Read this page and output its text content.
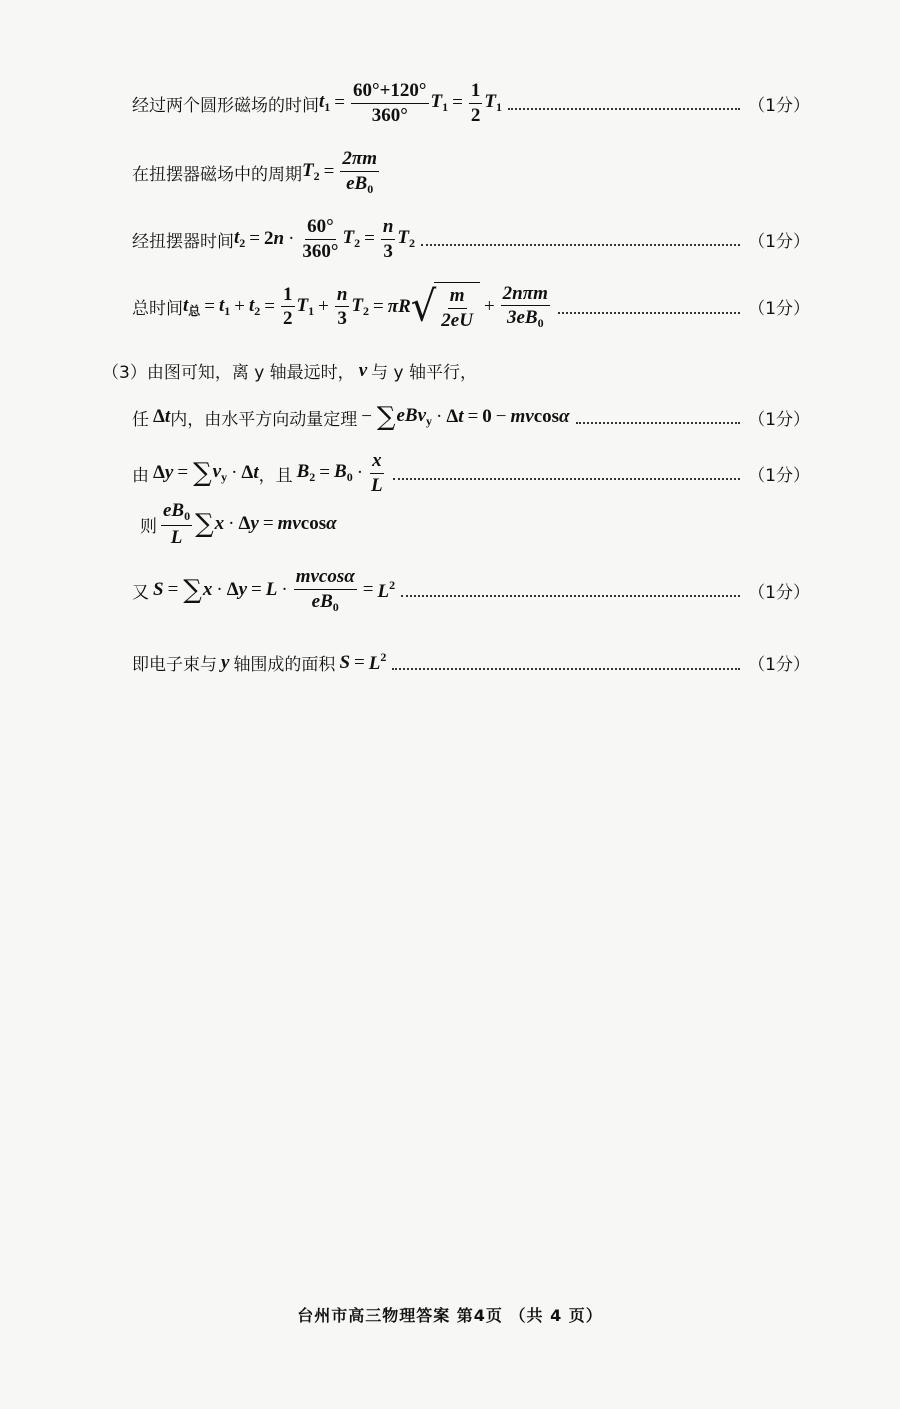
经过两个圆形磁场的时间 $t_1 = \frac{60^\circ+120^\circ}{360^\circ} T_1 = \frac{1}{2} T_1$	（1分）
在扭摆器磁场中的周期 $T_2 = \frac{2\pi m}{eB_0}$
经扭摆器时间 $t_2 = 2$ $n \cdot \frac{60^\circ}{360^\circ} T_2 = \frac{n}{3} T_2$	（1分）
总时间 $t_总 = t_1 + t_2 = \frac{1}{2} T_1 + \frac{n}{3} T_2 = \pi R$ √ $\frac{m}{2eU} + \frac{\text{2nπm}}{3eB_0}$	（1分）
（3）由图可知，离 y 轴最远时， v 与 y 轴平行，
任 Δ t 内，由水平方向动量定理 − ∑ eBv$_y$ · Δ t = 0 − mv cos α	（1分）
由 Δ y = ∑ $v_y \cdot \Delta$ t ，且 $B_2 = B_0 \cdot \frac{x}{L}$	（1分）
则 $\frac{eB_0}{L}$ ∑ x · Δ y = mv cos α
又 S = ∑ x · Δ $y = L \cdot \frac{mvcos\alpha}{eB_0} = L^2$	（1分）
即电子束与 y 轴围成的面积 $S = L^2$	（1分）
台州市高三物理答案 第4页 （共 4 页）
